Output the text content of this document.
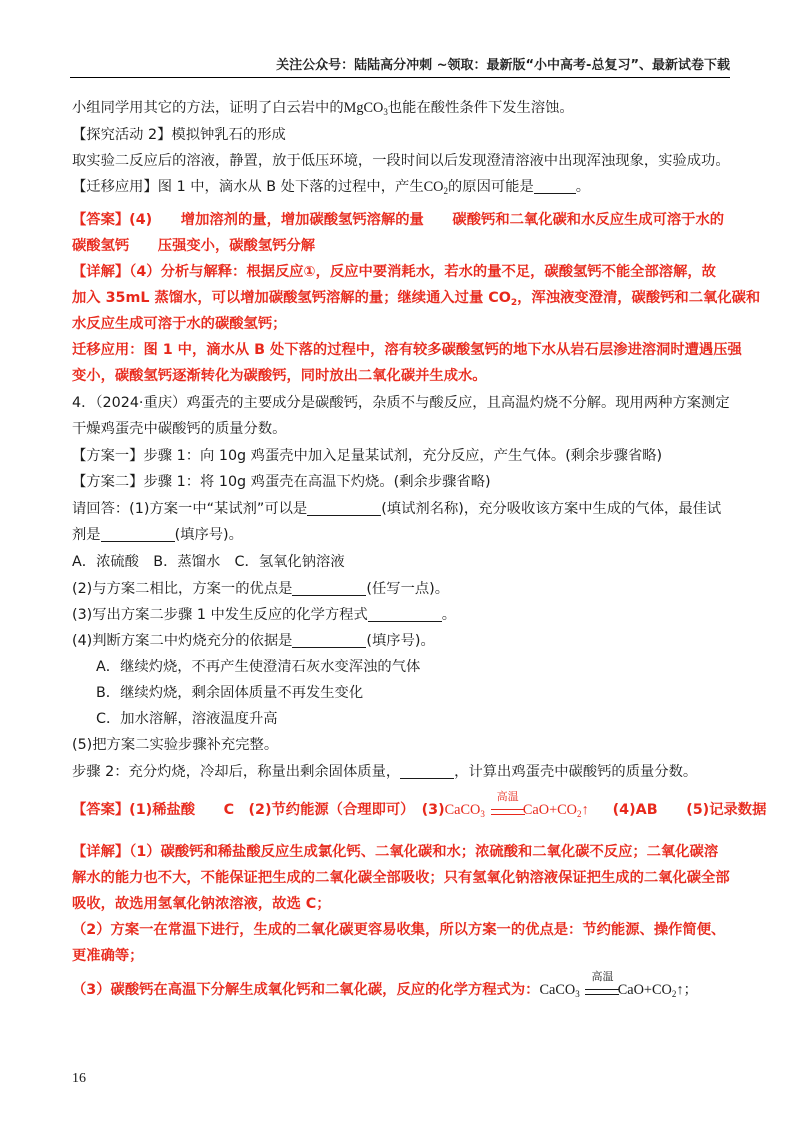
关注公众号：陆陆高分冲刺 ~领取：最新版“小中高考-总复习”、最新试卷下载
小组同学用其它的方法，证明了白云岩中的MgCO$_3$也能在酸性条件下发生溶蚀。
【探究活动 2】模拟钟乳石的形成
取实验二反应后的溶液，静置，放于低压环境，一段时间以后发现澄清溶液中出现浑浊现象，实验成功。
【迁移应用】图 1 中，滴水从 B 处下落的过程中，产生$CO_2$的原因可能是	。
【答案】(4)　　增加溶剂的量，增加碳酸氢钙溶解的量　　碳酸钙和二氧化碳和水反应生成可溶于水的
碳酸氢钙　　压强变小，碳酸氢钙分解
【详解】（4）分析与解释：根据反应①，反应中要消耗水，若水的量不足，碳酸氢钙不能全部溶解，故
加入 35mL 蒸馏水，可以增加碳酸氢钙溶解的量；继续通入过量 $CO_2$，浑浊液变澄清，碳酸钙和二氧化碳和
水反应生成可溶于水的碳酸氢钙；
迁移应用：图 1 中，滴水从 B 处下落的过程中，溶有较多碳酸氢钙的地下水从岩石层渗进溶洞时遭遇压强
变小，碳酸氢钙逐渐转化为碳酸钙，同时放出二氧化碳并生成水。
4．（2024·重庆）鸡蛋壳的主要成分是碳酸钙，杂质不与酸反应，且高温灼烧不分解。现用两种方案测定
干燥鸡蛋壳中碳酸钙的质量分数。
【方案一】步骤 1：向 10g 鸡蛋壳中加入足量某试剂，充分反应，产生气体。(剩余步骤省略)
【方案二】步骤 1：将 10g 鸡蛋壳在高温下灼烧。(剩余步骤省略)
请回答：(1)方案一中“某试剂”可以是	(填试剂名称)，充分吸收该方案中生成的气体，最佳试
剂是	(填序号)。
A．浓硫酸　B．蒸馏水　C．氢氧化钠溶液
(2)与方案二相比，方案一的优点是	(任写一点)。
(3)写出方案二步骤 1 中发生反应的化学方程式	。
(4)判断方案二中灼烧充分的依据是	(填序号)。
A．继续灼烧，不再产生使澄清石灰水变浑浊的气体
B．继续灼烧，剩余固体质量不再发生变化
C．加水溶解，溶液温度升高
(5)把方案二实验步骤补充完整。
步骤 2：充分灼烧，冷却后，称量出剩余固体质量，	，计算出鸡蛋壳中碳酸钙的质量分数。
【答案】(1)稀盐酸　　C　(2)节约能源（合理即可）　(3)CaCO$_3$
高温
$CaO+CO_2↑$ (4)AB　　(5)记录数据
【详解】（1）碳酸钙和稀盐酸反应生成氯化钙、二氧化碳和水；浓硫酸和二氧化碳不反应；二氧化碳溶
解水的能力也不大，不能保证把生成的二氧化碳全部吸收；只有氢氧化钠溶液保证把生成的二氧化碳全部
吸收，故选用氢氧化钠浓溶液，故选 C；
（2）方案一在常温下进行，生成的二氧化碳更容易收集，所以方案一的优点是：节约能源、操作简便、
更准确等；
（3）碳酸钙在高温下分解生成氧化钙和二氧化碳，反应的化学方程式为：CaCO$_3$
高温
$CaO+CO_2↑$；
16
